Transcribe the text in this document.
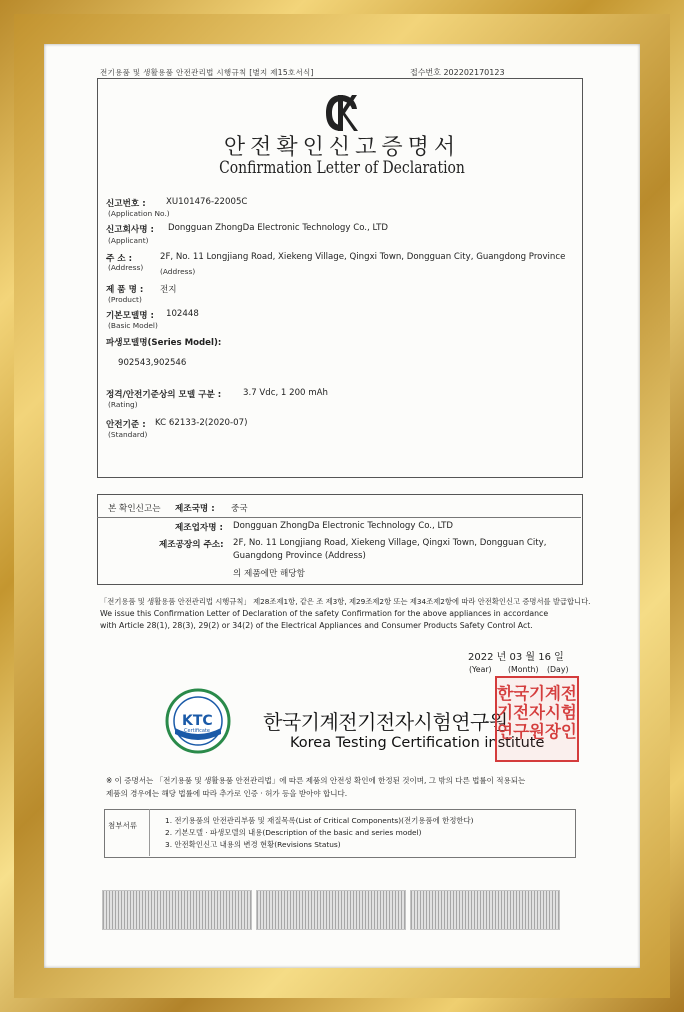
전기용품 및 생활용품 안전관리법 시행규칙 [별지 제15호서식]	접수번호 202202170123
안전확인신고증명서
Confirmation Letter of Declaration
신고번호 : XU101476-22005C
(Application No.)
신고회사명 : Dongguan ZhongDa Electronic Technology Co., LTD
(Applicant)
주 소 :	2F, No. 11 Longjiang Road, Xiekeng Village, Qingxi Town, Dongguan City, Guangdong Province
(Address) (Address)
제 품 명 : 전지
(Product)
기본모델명 : 102448
(Basic Model)
파생모델명(Series Model):
902543,902546
정격/안전기준상의 모델 구분 :	3.7 Vdc, 1 200 mAh
(Rating)
안전기준 : KC 62133-2(2020-07)
(Standard)
본 확인신고는 제조국명 : 중국
제조업자명 : Dongguan ZhongDa Electronic Technology Co., LTD
제조공장의 주소: 2F, No. 11 Longjiang Road, Xiekeng Village, Qingxi Town, Dongguan City,
Guangdong Province (Address)
의 제품에만 해당함
「전기용품 및 생활용품 안전관리법 시행규칙」 제28조제1항, 같은 조 제3항, 제29조제2항 또는 제34조제2항에 따라 안전확인신고 증명서를 발급합니다.
We issue this Confirmation Letter of Declaration of the safety Confirmation for the above appliances in accordance
with Article 28(1), 28(3), 29(2) or 34(2) of the Electrical Appliances and Consumer Products Safety Control Act.
2022 년 03 월 16 일
(Year) (Month) (Day)
KTC
Certificate	한국기계전기전자시험연구원
Korea Testing Certification institute
한국기계전
기전자시험
연구원장인
※ 이 증명서는 「전기용품 및 생활용품 안전관리법」에 따른 제품의 안전성 확인에 한정된 것이며, 그 밖의 다른 법률이 적용되는
제품의 경우에는 해당 법률에 따라 추가로 인증 · 허가 등을 받아야 합니다.
첨부서류
1. 전기용품의 안전관리부품 및 재질목록(List of Critical Components)(전기용품에 한정한다)
2. 기본모델 · 파생모델의 내용(Description of the basic and series model)
3. 안전확인신고 내용의 변경 현황(Revisions Status)
